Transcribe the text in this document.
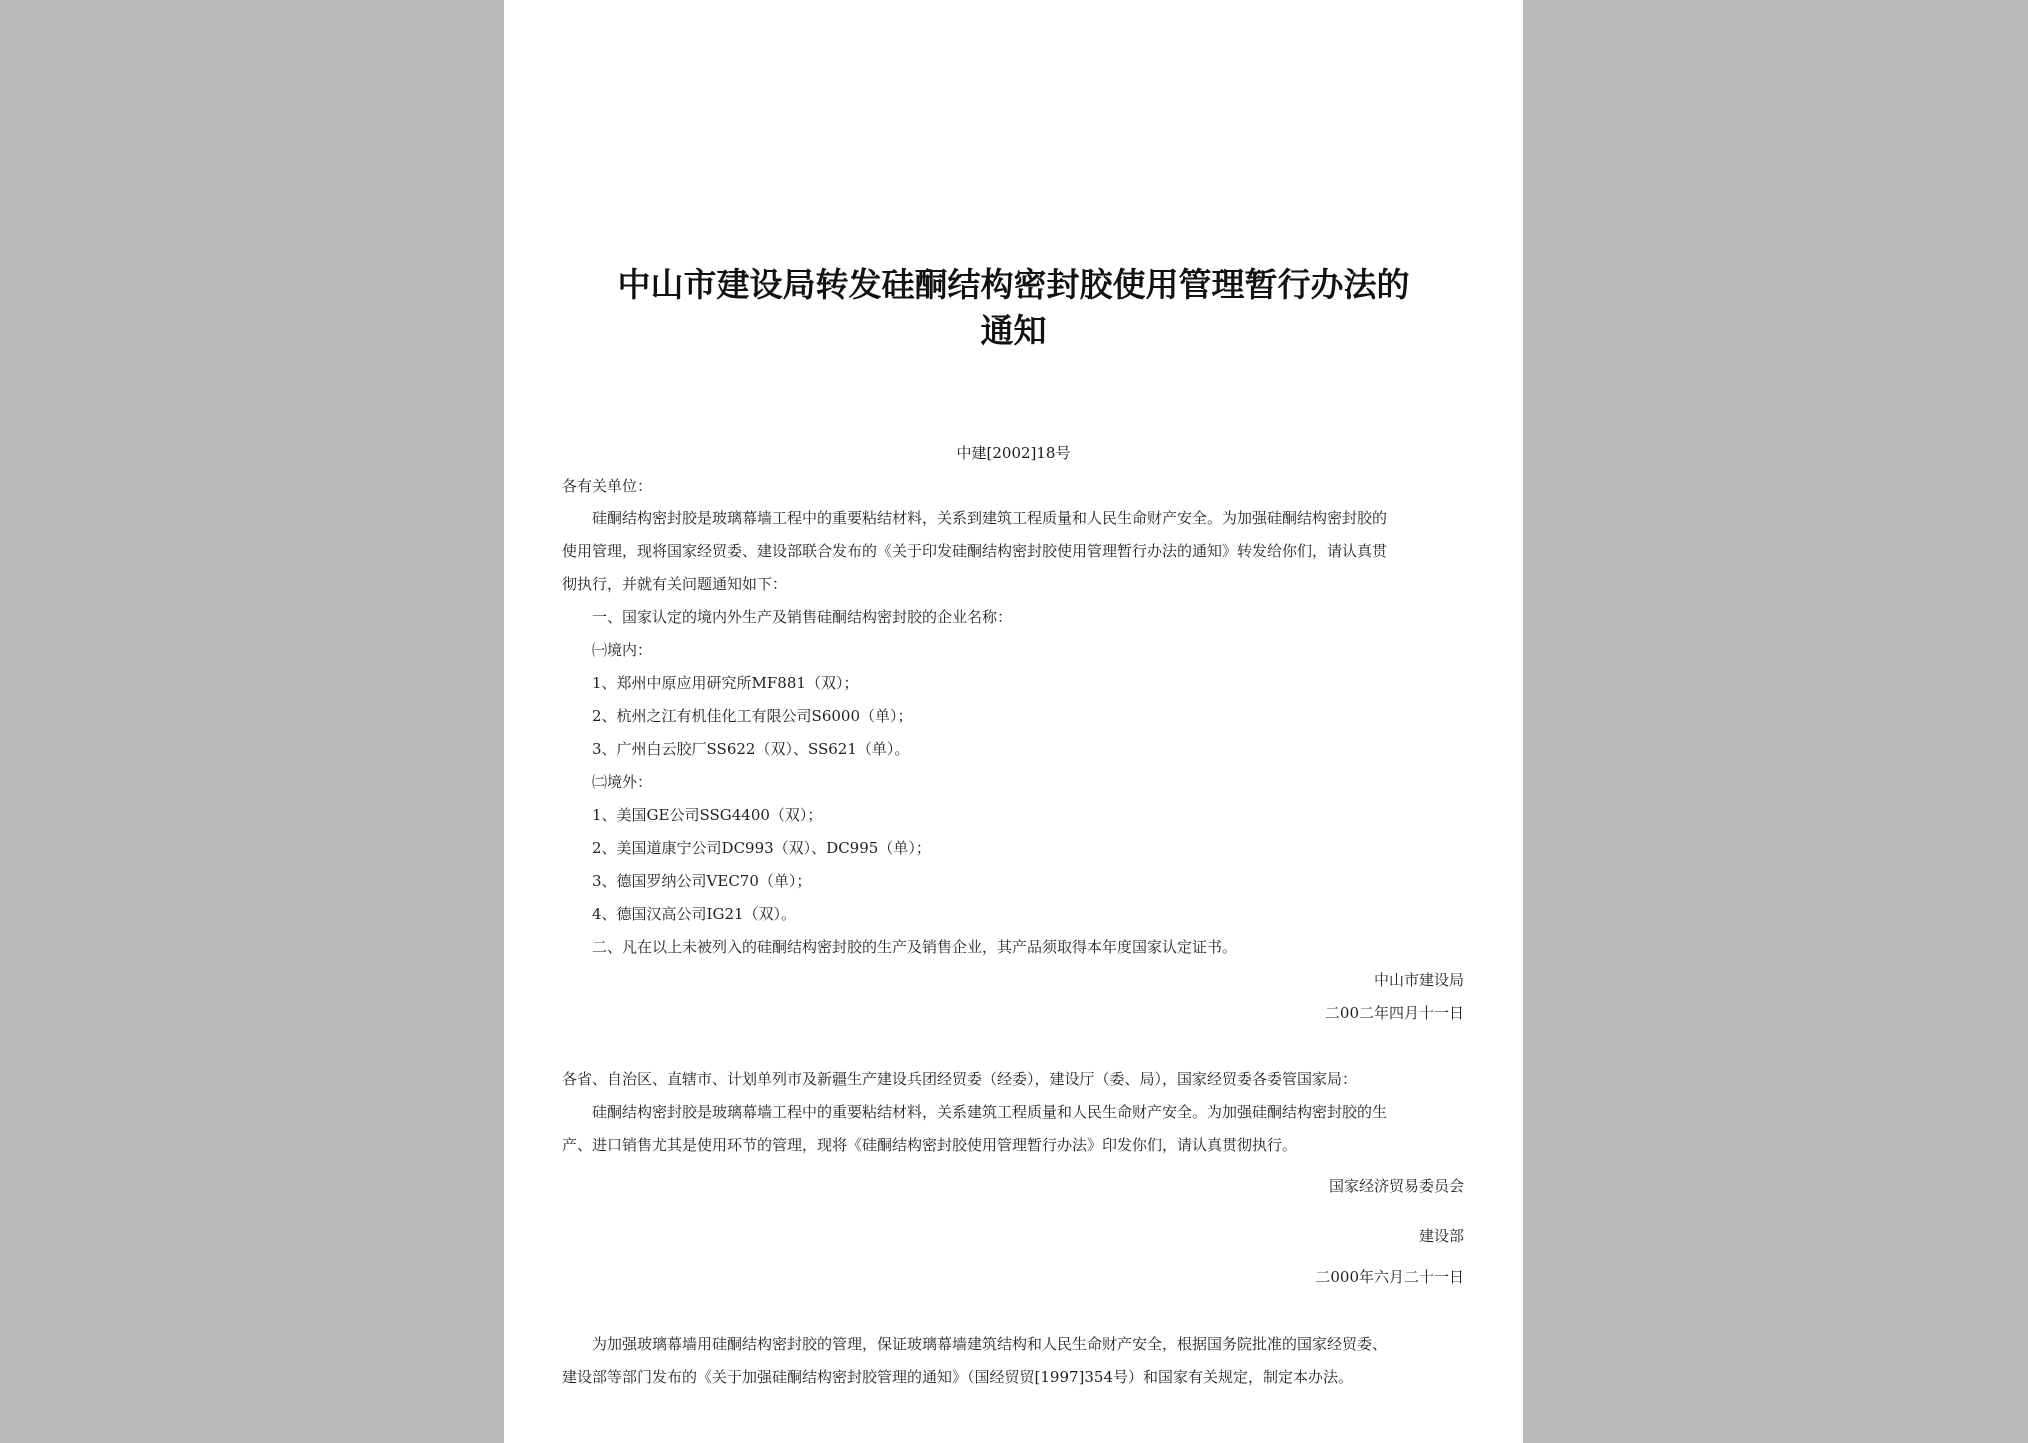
中山市建设局转发硅酮结构密封胶使用管理暂行办法的
通知
中建[2002]18号
各有关单位：
硅酮结构密封胶是玻璃幕墙工程中的重要粘结材料，关系到建筑工程质量和人民生命财产安全。为加强硅酮结构密封胶的
使用管理，现将国家经贸委、建设部联合发布的《关于印发硅酮结构密封胶使用管理暂行办法的通知》转发给你们，请认真贯
彻执行，并就有关问题通知如下：
一、国家认定的境内外生产及销售硅酮结构密封胶的企业名称：
㈠境内：
1、郑州中原应用研究所MF881（双）；
2、杭州之江有机佳化工有限公司S6000（单）；
3、广州白云胶厂SS622（双）、SS621（单）。
㈡境外：
1、美国GE公司SSG4400（双）；
2、美国道康宁公司DC993（双）、DC995（单）；
3、德国罗纳公司VEC70（单）；
4、德国汉高公司IG21（双）。
二、凡在以上未被列入的硅酮结构密封胶的生产及销售企业，其产品须取得本年度国家认定证书。
中山市建设局
二00二年四月十一日
各省、自治区、直辖市、计划单列市及新疆生产建设兵团经贸委（经委），建设厅（委、局），国家经贸委各委管国家局：
硅酮结构密封胶是玻璃幕墙工程中的重要粘结材料，关系建筑工程质量和人民生命财产安全。为加强硅酮结构密封胶的生
产、进口销售尤其是使用环节的管理，现将《硅酮结构密封胶使用管理暂行办法》印发你们，请认真贯彻执行。
国家经济贸易委员会
建设部
二000年六月二十一日
为加强玻璃幕墙用硅酮结构密封胶的管理，保证玻璃幕墙建筑结构和人民生命财产安全，根据国务院批准的国家经贸委、
建设部等部门发布的《关于加强硅酮结构密封胶管理的通知》（国经贸贸[1997]354号）和国家有关规定，制定本办法。
